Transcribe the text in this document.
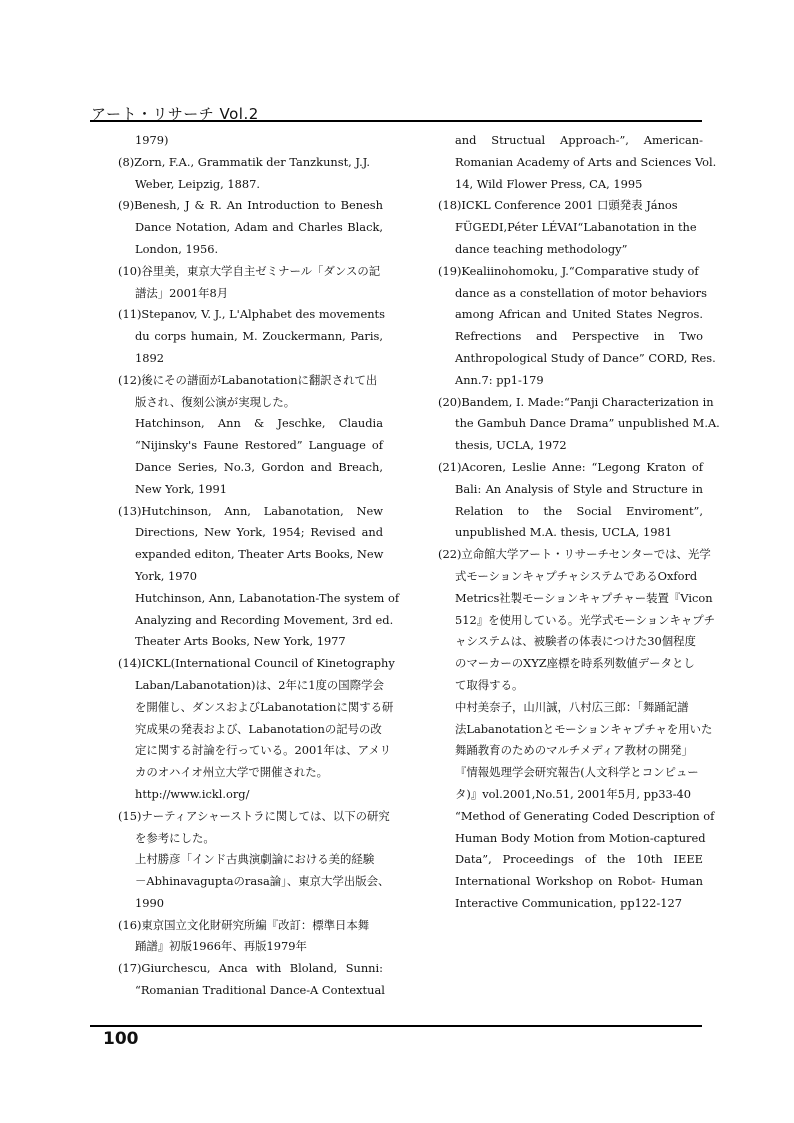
アート・リサーチ Vol.2
1979)
(8)Zorn, F.A., Grammatik der Tanzkunst, J.J.
Weber, Leipzig, 1887.
(9)Benesh, J & R. An Introduction to Benesh
Dance Notation, Adam and Charles Black,
London, 1956.
(10)谷里美，東京大学自主ゼミナール「ダンスの記
譜法」2001年8月
(11)Stepanov, V. J., L'Alphabet des movements
du corps humain, M. Zouckermann, Paris,
1892
(12)後にその譜面がLabanotationに翻訳されて出
版され、復刻公演が実現した。
Hatchinson, Ann & Jeschke, Claudia
“Nijinsky's Faune Restored” Language of
Dance Series, No.3, Gordon and Breach,
New York, 1991
(13)Hutchinson, Ann, Labanotation, New
Directions, New York, 1954; Revised and
expanded editon, Theater Arts Books, New
York, 1970
Hutchinson, Ann, Labanotation-The system of
Analyzing and Recording Movement, 3rd ed.
Theater Arts Books, New York, 1977
(14)ICKL(International Council of Kinetography
Laban/Labanotation)は、2年に1度の国際学会
を開催し、ダンスおよびLabanotationに関する研
究成果の発表および、Labanotationの記号の改
定に関する討論を行っている。2001年は、アメリ
カのオハイオ州立大学で開催された。
http://www.ickl.org/
(15)ナーティアシャーストラに関しては、以下の研究
を参考にした。
上村勝彦「インド古典演劇論における美的経験
－Abhinavaguptaのrasa論」、東京大学出版会、
1990
(16)東京国立文化財研究所編『改訂：標準日本舞
踊譜』初版1966年、再版1979年
(17)Giurchescu, Anca with Bloland, Sunni:
“Romanian Traditional Dance-A Contextual
and Structual Approach-”, American-
Romanian Academy of Arts and Sciences Vol.
14, Wild Flower Press, CA, 1995
(18)ICKL Conference 2001 口頭発表 János
FÜGEDI,Péter LÉVAI“Labanotation in the
dance teaching methodology”
(19)Kealiinohomoku, J.“Comparative study of
dance as a constellation of motor behaviors
among African and United States Negros.
Refrections and Perspective in Two
Anthropological Study of Dance” CORD, Res.
Ann.7: pp1-179
(20)Bandem, I. Made:“Panji Characterization in
the Gambuh Dance Drama” unpublished M.A.
thesis, UCLA, 1972
(21)Acoren, Leslie Anne: “Legong Kraton of
Bali: An Analysis of Style and Structure in
Relation to the Social Enviroment”,
unpublished M.A. thesis, UCLA, 1981
(22)立命館大学アート・リサーチセンターでは、光学
式モーションキャプチャシステムであるOxford
Metrics社製モーションキャプチャー装置『Vicon
512』を使用している。光学式モーションキャプチ
ャシステムは、被験者の体表につけた30個程度
のマーカーのXYZ座標を時系列数値データとし
て取得する。
中村美奈子，山川誠，八村広三郎：「舞踊記譜
法Labanotationとモーションキャプチャを用いた
舞踊教育のためのマルチメディア教材の開発」
『情報処理学会研究報告(人文科学とコンピュー
タ)』vol.2001,No.51, 2001年5月, pp33-40
“Method of Generating Coded Description of
Human Body Motion from Motion-captured
Data”, Proceedings of the 10th IEEE
International Workshop on Robot- Human
Interactive Communication, pp122-127
100
